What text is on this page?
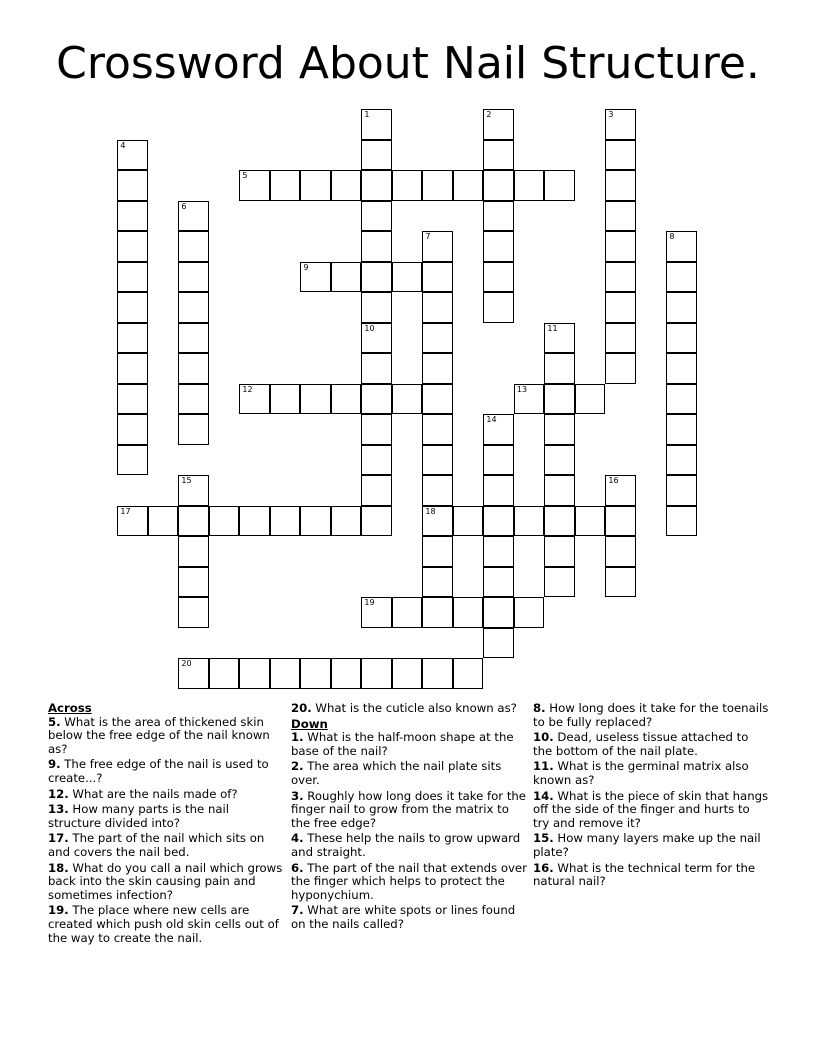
Crossword About Nail Structure.
1
10
2	3
4
5
6
7
18
8
9
11
12	13
14
15	16
17
19
20
Across
5. What is the area of thickened skin below the free edge of the nail known as?
9. The free edge of the nail is used to create...?
12. What are the nails made of?
13. How many parts is the nail structure divided into?
17. The part of the nail which sits on and covers the nail bed.
18. What do you call a nail which grows back into the skin causing pain and sometimes infection?
19. The place where new cells are created which push old skin cells out of the way to create the nail.
20. What is the cuticle also known as?
Down
1. What is the half-moon shape at the base of the nail?
2. The area which the nail plate sits over.
3. Roughly how long does it take for the finger nail to grow from the matrix to the free edge?
4. These help the nails to grow upward and straight.
6. The part of the nail that extends over the finger which helps to protect the hyponychium.
7. What are white spots or lines found on the nails called?
8. How long does it take for the toenails to be fully replaced?
10. Dead, useless tissue attached to the bottom of the nail plate.
11. What is the germinal matrix also known as?
14. What is the piece of skin that hangs off the side of the finger and hurts to try and remove it?
15. How many layers make up the nail plate?
16. What is the technical term for the natural nail?
